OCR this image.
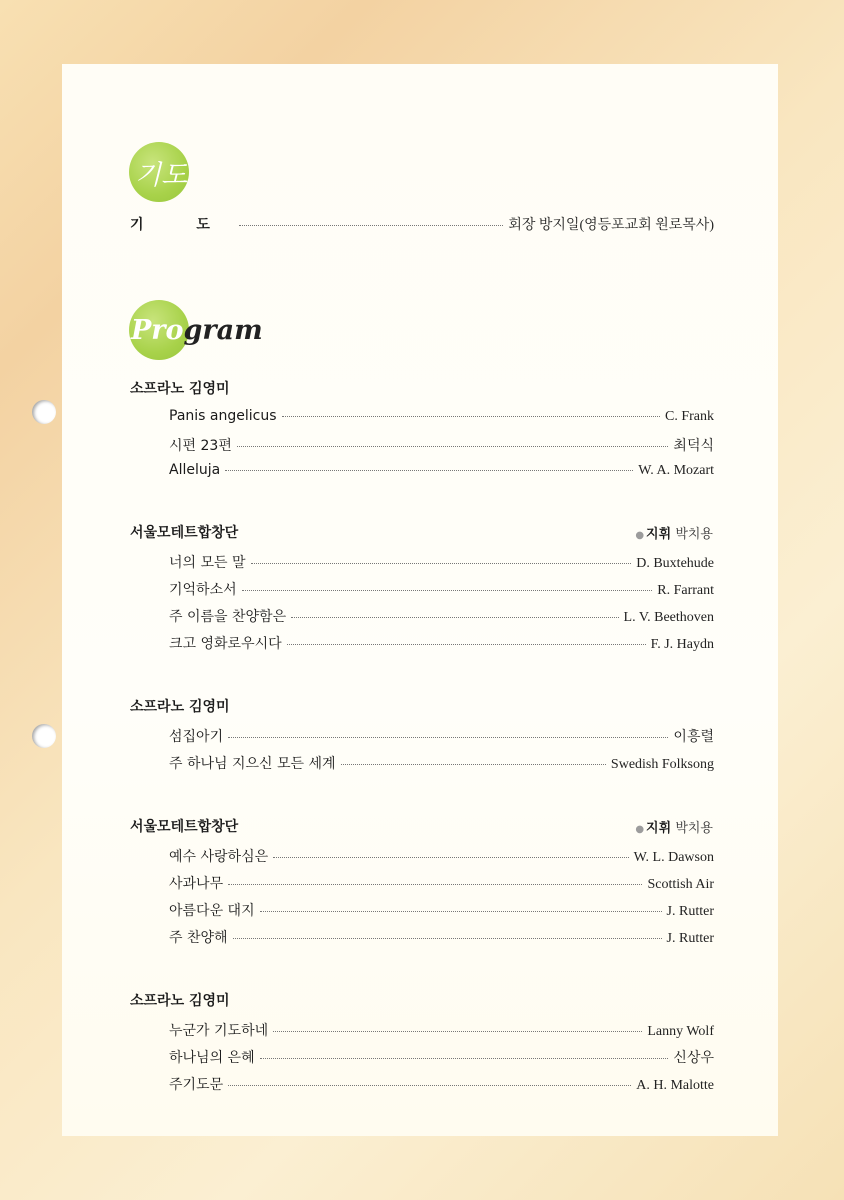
기도
기 도	회장 방지일(영등포교회 원로목사)
Pro gram
소프라노 김영미
Panis angelicus	C. Frank
시편 23편	최덕식
Alleluja	W. A. Mozart
서울모테트합창단	● 지휘 박치용
너의 모든 말	D. Buxtehude
기억하소서	R. Farrant
주 이름을 찬양함은	L. V. Beethoven
크고 영화로우시다	F. J. Haydn
소프라노 김영미
섬집아기	이흥렬
주 하나님 지으신 모든 세계	Swedish Folksong
서울모테트합창단	● 지휘 박치용
예수 사랑하심은	W. L. Dawson
사과나무	Scottish Air
아름다운 대지	J. Rutter
주 찬양해	J. Rutter
소프라노 김영미
누군가 기도하네	Lanny Wolf
하나님의 은혜	신상우
주기도문	A. H. Malotte
